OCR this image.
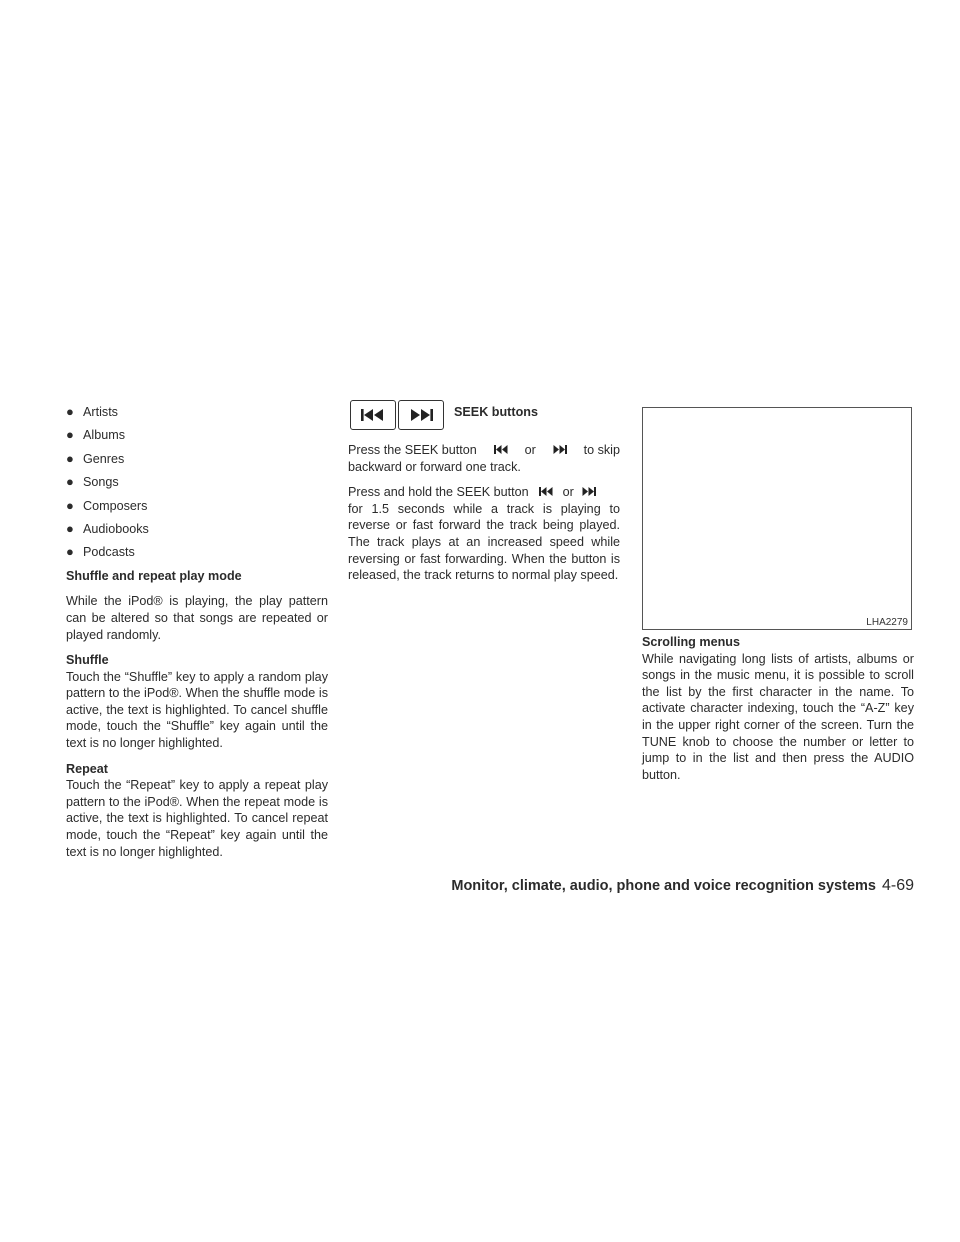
● Artists
● Albums
● Genres
● Songs
● Composers
● Audiobooks
● Podcasts
Shuffle and repeat play mode

While the iPod® is playing, the play pattern can be altered so that songs are repeated or played randomly.

Shuffle

Touch the “Shuffle” key to apply a random play pattern to the iPod®. When the shuffle mode is active, the text is highlighted. To cancel shuffle mode, touch the “Shuffle” key again until the text is no longer highlighted.

Repeat

Touch the “Repeat” key to apply a repeat play pattern to the iPod®. When the repeat mode is active, the text is highlighted. To cancel repeat mode, touch the “Repeat” key again until the text is no longer highlighted.

SEEK buttons
Press the SEEK button	or	to skip

backward or forward one track.

Press and hold the SEEK button	or

for 1.5 seconds while a track is playing to reverse or fast forward the track being played. The track plays at an increased speed while reversing or fast forwarding. When the button is released, the track returns to normal play speed.

LHA2279
Scrolling menus

While navigating long lists of artists, albums or songs in the music menu, it is possible to scroll the list by the first character in the name. To activate character indexing, touch the “A-Z” key in the upper right corner of the screen. Turn the TUNE knob to choose the number or letter to jump to in the list and then press the AUDIO button.

Monitor, climate, audio, phone and voice recognition systems 4-69
